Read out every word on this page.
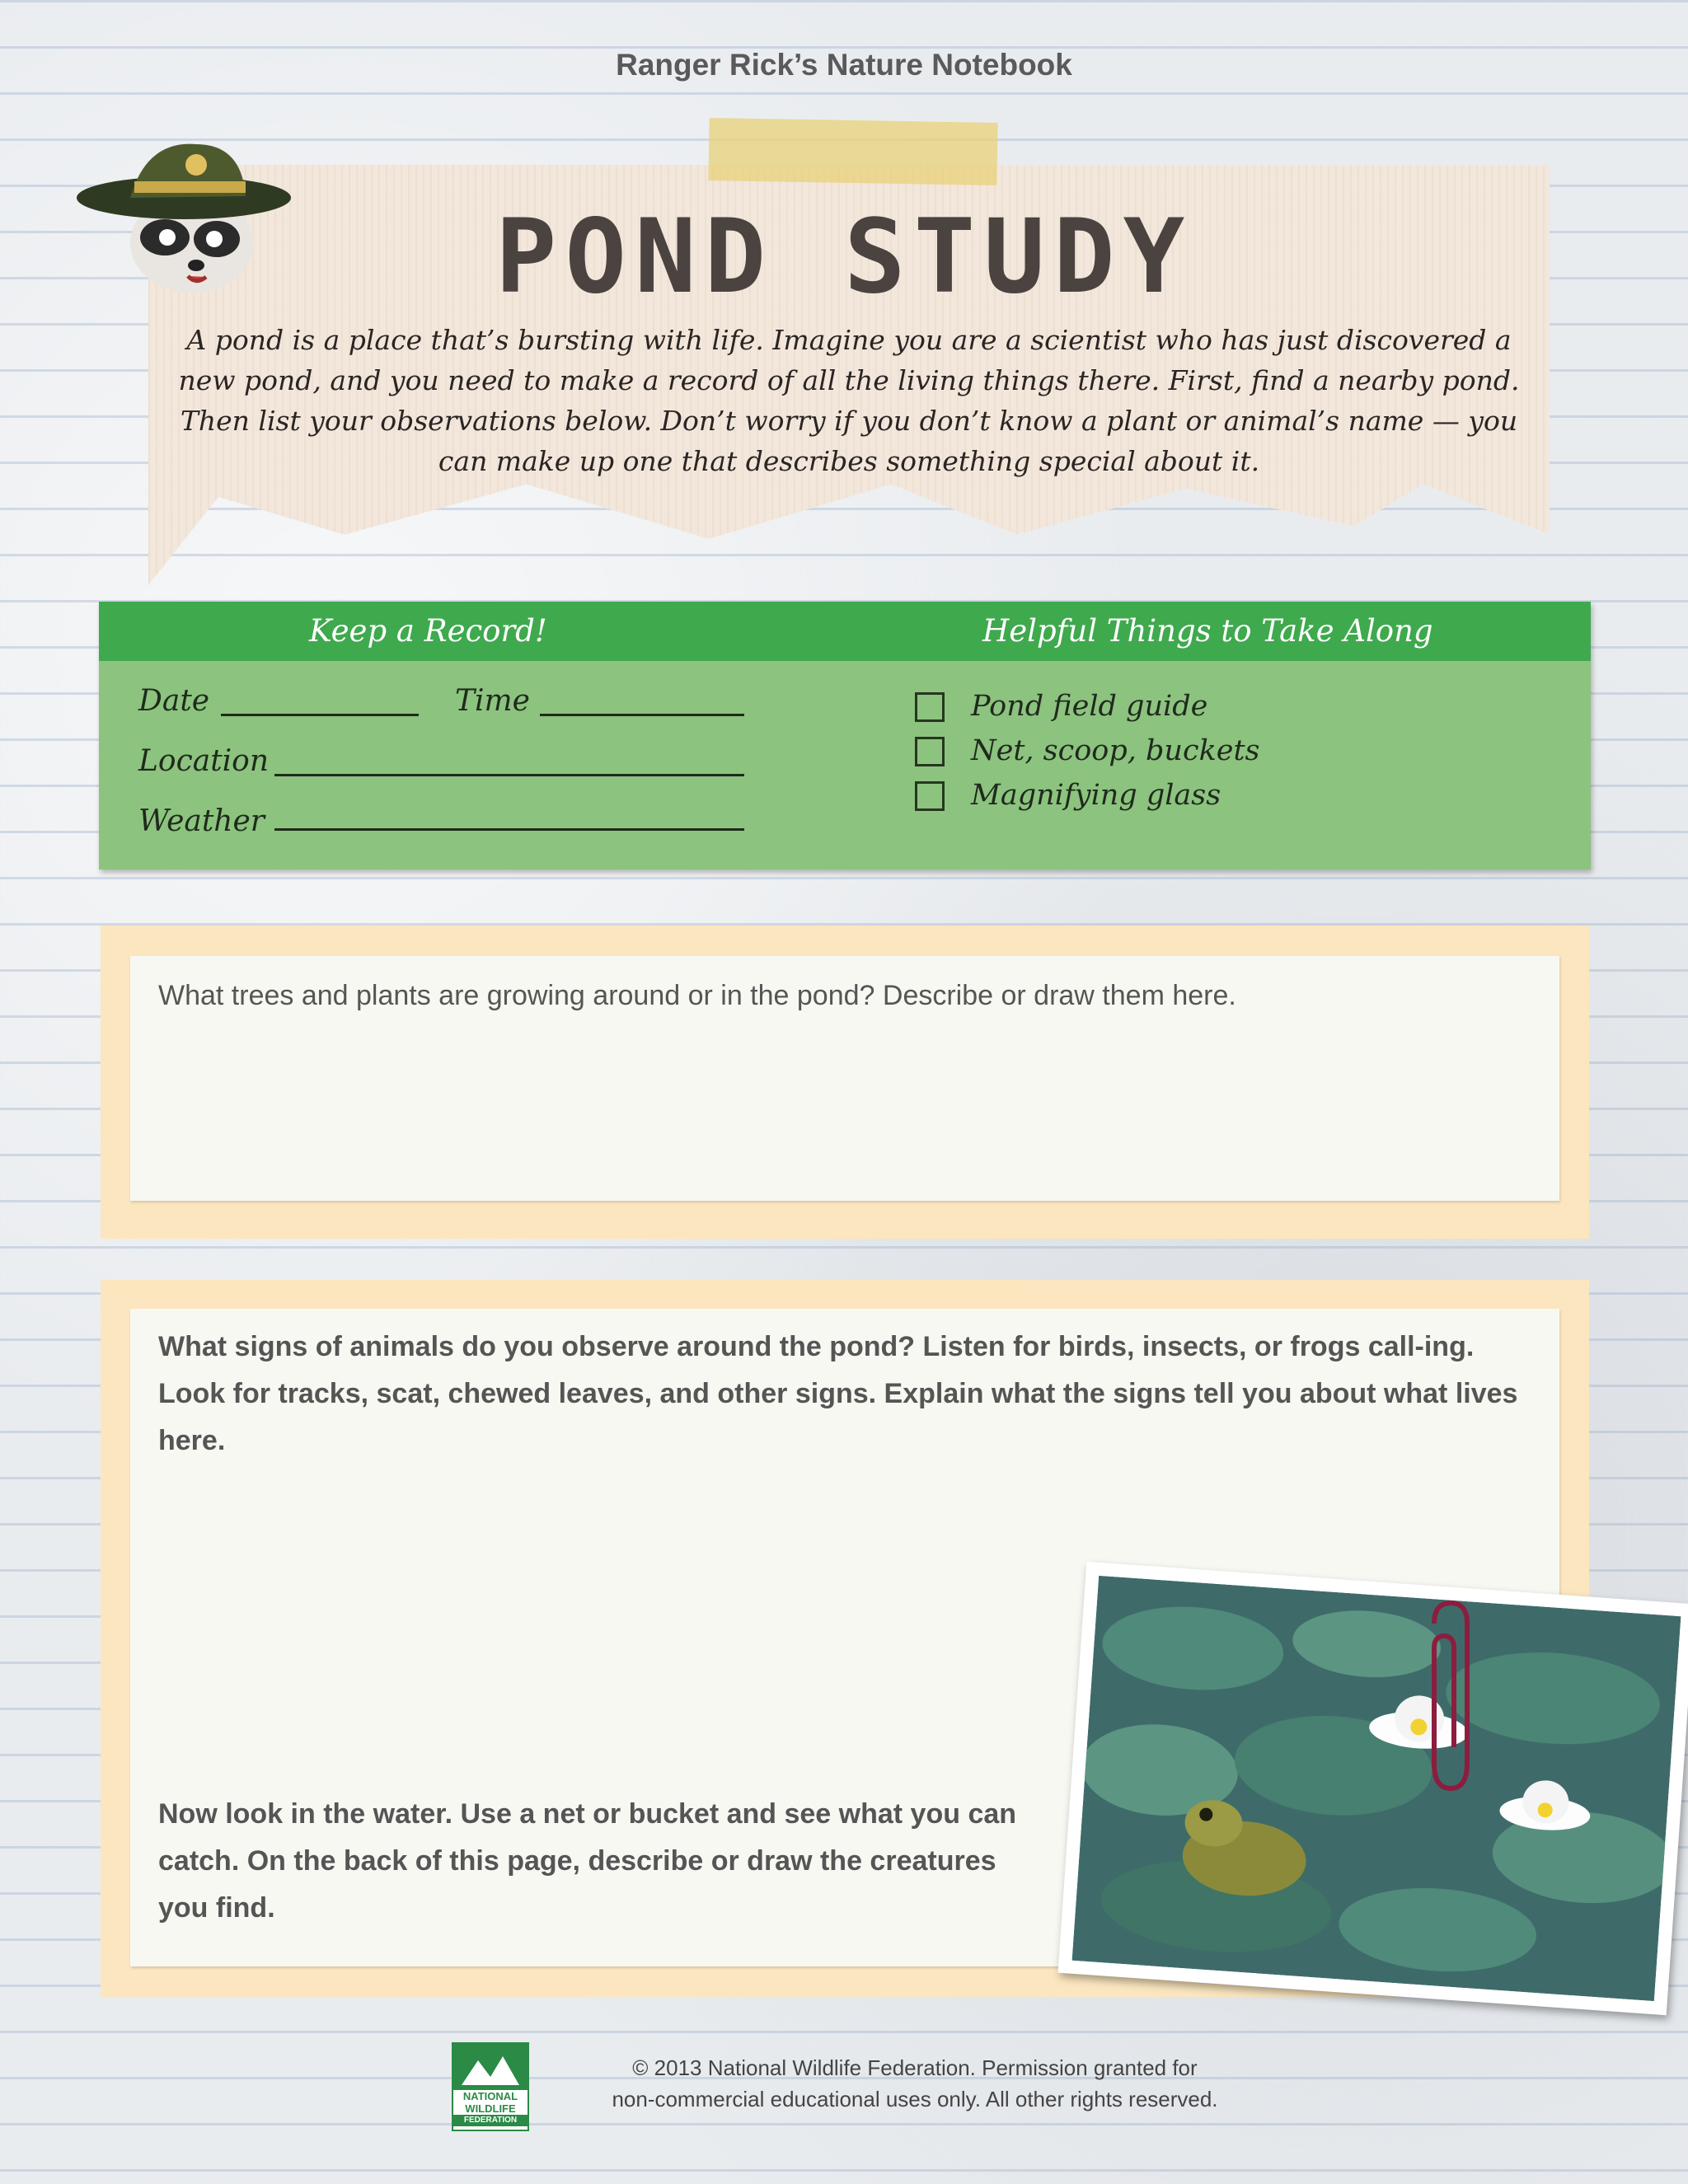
Ranger Rick’s Nature Notebook
POND STUDY
A pond is a place that’s bursting with life. Imagine you are a scientist who has just discovered a new pond, and you need to make a record of all the living things there. First, find a nearby pond. Then list your observations below. Don’t worry if you don’t know a plant or animal’s name — you can make up one that describes something special about it.
Keep a Record!	Helpful Things to Take Along
Date	Time
Location
Weather
Pond field guide
Net, scoop, buckets
Magnifying glass
What trees and plants are growing around or in the pond? Describe or draw them here.
What signs of animals do you observe around the pond? Listen for birds, insects, or frogs call-ing. Look for tracks, scat, chewed leaves, and other signs. Explain what the signs tell you about what lives here.
Now look in the water. Use a net or bucket and see what you can catch. On the back of this page, describe or draw the creatures you find.
NATIONAL
WILDLIFE
FEDERATION
© 2013 National Wildlife Federation. Permission granted for
non-commercial educational uses only. All other rights reserved.
